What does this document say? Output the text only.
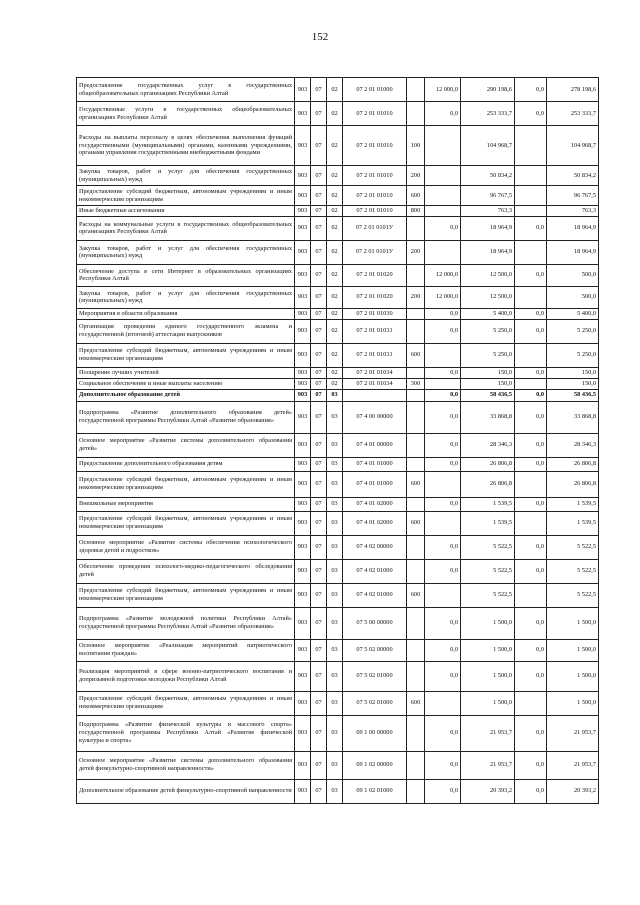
152
Предоставление государственных услуг в государственных общеобразовательных организациях Республики Алтай	903	07	02	07 2 01 01000		12 000,0	290 198,6	0,0	278 198,6
Государственные услуги в государственных общеобразовательных организациях Республики Алтай	903	07	02	07 2 01 01010		0,0	253 333,7	0,0	253 333,7
Расходы на выплаты персоналу в целях обеспечения выполнения функций государственными (муниципальными) органами, казенными учреждениями, органами управления государственными внебюджетными фондами	903	07	02	07 2 01 01010	100		104 968,7		104 968,7
Закупка товаров, работ и услуг для обеспечения государственных (муниципальных) нужд	903	07	02	07 2 01 01010	200		50 834,2		50 834,2
Предоставление субсидий бюджетным, автономным учреждениям и иным некоммерческим организациям	903	07	02	07 2 01 01010	600		96 767,5		96 767,5
Иные бюджетные ассигнования	903	07	02	07 2 01 01010	800		763,3		763,3
Расходы на коммунальные услуги в государственных общеобразовательных организациях Республики Алтай	903	07	02	07 2 01 0101У		0,0	18 964,9	0,0	18 964,9
Закупка товаров, работ и услуг для обеспечения государственных (муниципальных) нужд	903	07	02	07 2 01 0101У	200		18 964,9		18 964,9
Обеспечение доступа в сети Интернет в образовательных организациях Республики Алтай	903	07	02	07 2 01 01020		12 000,0	12 500,0	0,0	500,0
Закупка товаров, работ и услуг для обеспечения государственных (муниципальных) нужд	903	07	02	07 2 01 01020	200	12 000,0	12 500,0		500,0
Мероприятия в области образования	903	07	02	07 2 01 01030		0,0	5 400,0	0,0	5 400,0
Организация проведения единого государственного экзамена и государственной (итоговой) аттестации выпускников	903	07	02	07 2 01 01031		0,0	5 250,0	0,0	5 250,0
Предоставление субсидий бюджетным, автономным учреждениям и иным некоммерческим организациям	903	07	02	07 2 01 01031	600		5 250,0		5 250,0
Поощрение лучших учителей	903	07	02	07 2 01 01034		0,0	150,0	0,0	150,0
Социальное обеспечение и иные выплаты населению	903	07	02	07 2 01 01034	300		150,0		150,0
Дополнительное образование детей	903	07	03			0,0	58 436,5	0,0	58 436,5
Подпрограмма «Развитие дополнительного образования детей» государственной программы Республики Алтай «Развитие образования»	903	07	03	07 4 00 00000		0,0	33 868,8	0,0	33 868,8
Основное мероприятие «Развитие системы дополнительного образования детей»	903	07	03	07 4 01 00000		0,0	28 346,3	0,0	28 346,3
Предоставление дополнительного образования детям	903	07	03	07 4 01 01000		0,0	26 806,8	0,0	26 806,8
Предоставление субсидий бюджетным, автономным учреждениям и иным некоммерческим организациям	903	07	03	07 4 01 01000	600		26 806,8		26 806,8
Внешкольные мероприятия	903	07	03	07 4 01 02000		0,0	1 539,5	0,0	1 539,5
Предоставление субсидий бюджетным, автономным учреждениям и иным некоммерческим организациям	903	07	03	07 4 01 02000	600		1 539,5		1 539,5
Основное мероприятие «Развитие системы обеспечения психологического здоровья детей и подростков»	903	07	03	07 4 02 00000		0,0	5 522,5	0,0	5 522,5
Обеспечение проведения психолого-медико-педагогического обследования детей	903	07	03	07 4 02 01000		0,0	5 522,5	0,0	5 522,5
Предоставление субсидий бюджетным, автономным учреждениям и иным некоммерческим организациям	903	07	03	07 4 02 01000	600		5 522,5		5 522,5
Подпрограмма «Развитие молодежной политики Республики Алтай» государственной программы Республики Алтай «Развитие образования»	903	07	03	07 5 00 00000		0,0	1 500,0	0,0	1 500,0
Основное мероприятие «Реализация мероприятий патриотического воспитания граждан»	903	07	03	07 5 02 00000		0,0	1 500,0	0,0	1 500,0
Реализация мероприятий в сфере военно-патриотического воспитания и допризывной подготовки молодежи Республики Алтай	903	07	03	07 5 02 01000		0,0	1 500,0	0,0	1 500,0
Предоставление субсидий бюджетным, автономным учреждениям и иным некоммерческим организациям	903	07	03	07 5 02 01000	600		1 500,0		1 500,0
Подпрограмма «Развитие физической культуры и массового спорта» государственной программы Республики Алтай «Развитие физической культуры и спорта»	903	07	03	09 1 00 00000		0,0	21 953,7	0,0	21 953,7
Основное мероприятие «Развитие системы дополнительного образования детей физкультурно-спортивной направленности»	903	07	03	09 1 02 00000		0,0	21 953,7	0,0	21 953,7
Дополнительное образование детей физкультурно-спортивной направленности	903	07	03	09 1 02 01000		0,0	20 393,2	0,0	20 393,2
